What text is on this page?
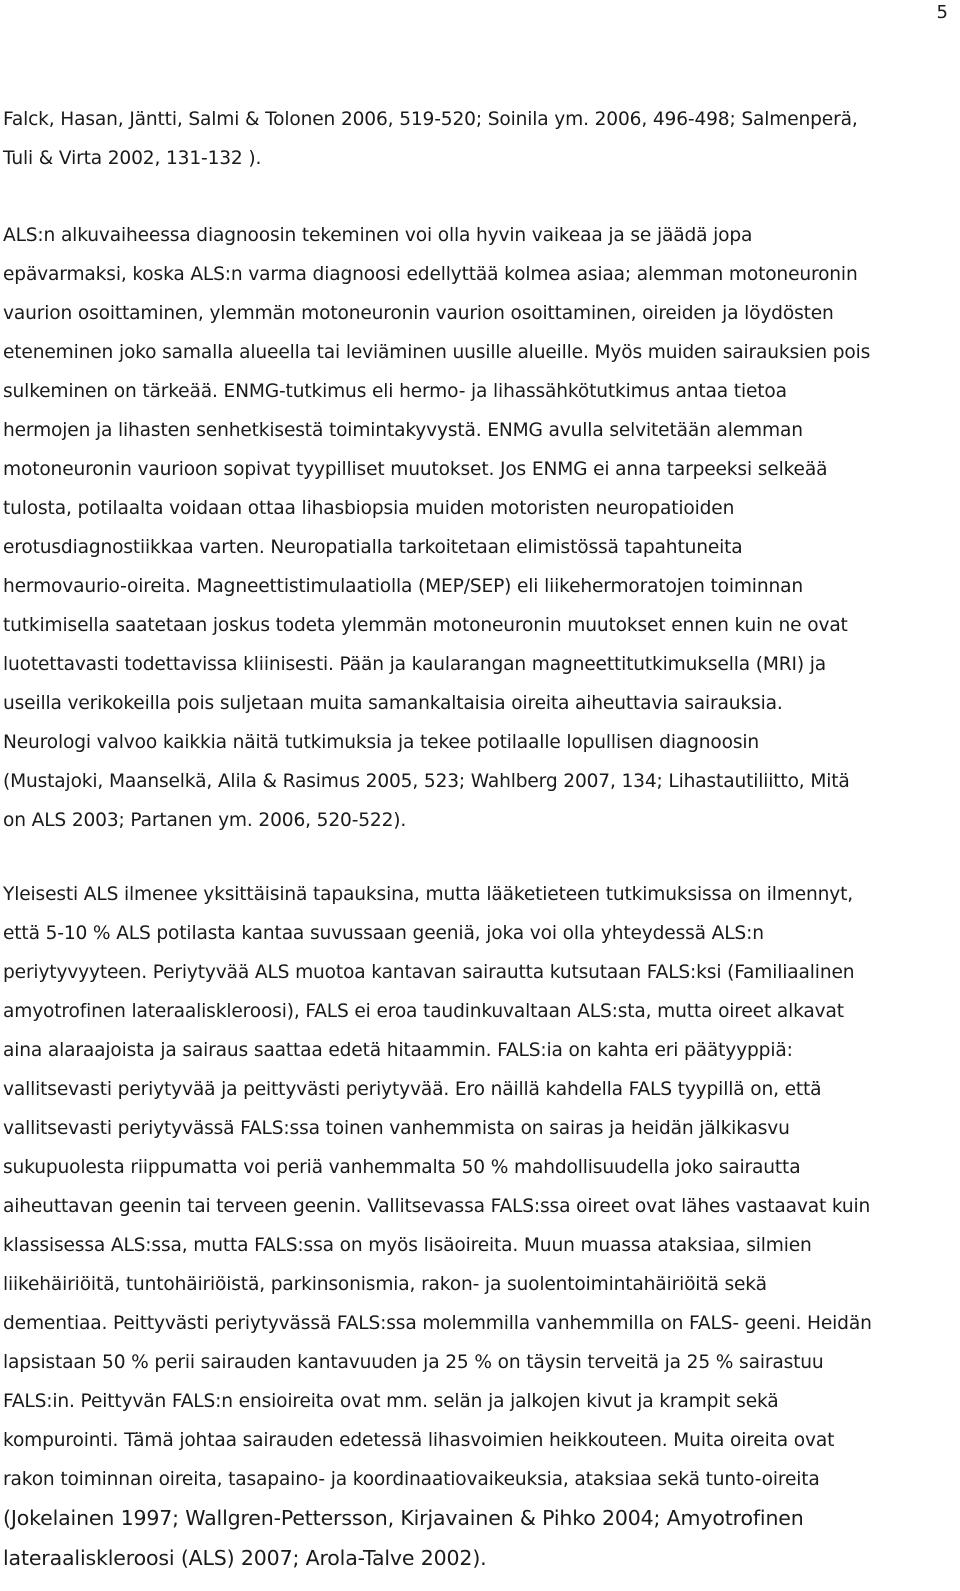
5
Falck, Hasan, Jäntti, Salmi & Tolonen 2006, 519-520; Soinila ym. 2006, 496-498; Salmenperä,
Tuli & Virta 2002, 131-132 ).
ALS:n alkuvaiheessa diagnoosin tekeminen voi olla hyvin vaikeaa ja se jäädä jopa
epävarmaksi, koska ALS:n varma diagnoosi edellyttää kolmea asiaa; alemman motoneuronin
vaurion osoittaminen, ylemmän motoneuronin vaurion osoittaminen, oireiden ja löydösten
eteneminen joko samalla alueella tai leviäminen uusille alueille. Myös muiden sairauksien pois
sulkeminen on tärkeää. ENMG-tutkimus eli hermo- ja lihassähkötutkimus antaa tietoa
hermojen ja lihasten senhetkisestä toimintakyvystä. ENMG avulla selvitetään alemman
motoneuronin vaurioon sopivat tyypilliset muutokset. Jos ENMG ei anna tarpeeksi selkeää
tulosta, potilaalta voidaan ottaa lihasbiopsia muiden motoristen neuropatioiden
erotusdiagnostiikkaa varten. Neuropatialla tarkoitetaan elimistössä tapahtuneita
hermovaurio-oireita. Magneettistimulaatiolla (MEP/SEP) eli liikehermoratojen toiminnan
tutkimisella saatetaan joskus todeta ylemmän motoneuronin muutokset ennen kuin ne ovat
luotettavasti todettavissa kliinisesti. Pään ja kaularangan magneettitutkimuksella (MRI) ja
useilla verikokeilla pois suljetaan muita samankaltaisia oireita aiheuttavia sairauksia.
Neurologi valvoo kaikkia näitä tutkimuksia ja tekee potilaalle lopullisen diagnoosin
(Mustajoki, Maanselkä, Alila & Rasimus 2005, 523; Wahlberg 2007, 134; Lihastautiliitto, Mitä
on ALS 2003; Partanen ym. 2006, 520-522).
Yleisesti ALS ilmenee yksittäisinä tapauksina, mutta lääketieteen tutkimuksissa on ilmennyt,
että 5-10 % ALS potilasta kantaa suvussaan geeniä, joka voi olla yhteydessä ALS:n
periytyvyyteen. Periytyvää ALS muotoa kantavan sairautta kutsutaan FALS:ksi (Familiaalinen
amyotrofinen lateraaliskleroosi), FALS ei eroa taudinkuvaltaan ALS:sta, mutta oireet alkavat
aina alaraajoista ja sairaus saattaa edetä hitaammin. FALS:ia on kahta eri päätyyppiä:
vallitsevasti periytyvää ja peittyvästi periytyvää. Ero näillä kahdella FALS tyypillä on, että
vallitsevasti periytyvässä FALS:ssa toinen vanhemmista on sairas ja heidän jälkikasvu
sukupuolesta riippumatta voi periä vanhemmalta 50 % mahdollisuudella joko sairautta
aiheuttavan geenin tai terveen geenin. Vallitsevassa FALS:ssa oireet ovat lähes vastaavat kuin
klassisessa ALS:ssa, mutta FALS:ssa on myös lisäoireita. Muun muassa ataksiaa, silmien
liikehäiriöitä, tuntohäiriöistä, parkinsonismia, rakon- ja suolentoimintahäiriöitä sekä
dementiaa. Peittyvästi periytyvässä FALS:ssa molemmilla vanhemmilla on FALS- geeni. Heidän
lapsistaan 50 % perii sairauden kantavuuden ja 25 % on täysin terveitä ja 25 % sairastuu
FALS:in. Peittyvän FALS:n ensioireita ovat mm. selän ja jalkojen kivut ja krampit sekä
kompurointi. Tämä johtaa sairauden edetessä lihasvoimien heikkouteen. Muita oireita ovat
rakon toiminnan oireita, tasapaino- ja koordinaatiovaikeuksia, ataksiaa sekä tunto-oireita
(Jokelainen 1997; Wallgren-Pettersson, Kirjavainen & Pihko 2004; Amyotrofinen
lateraaliskleroosi (ALS) 2007; Arola-Talve 2002).
